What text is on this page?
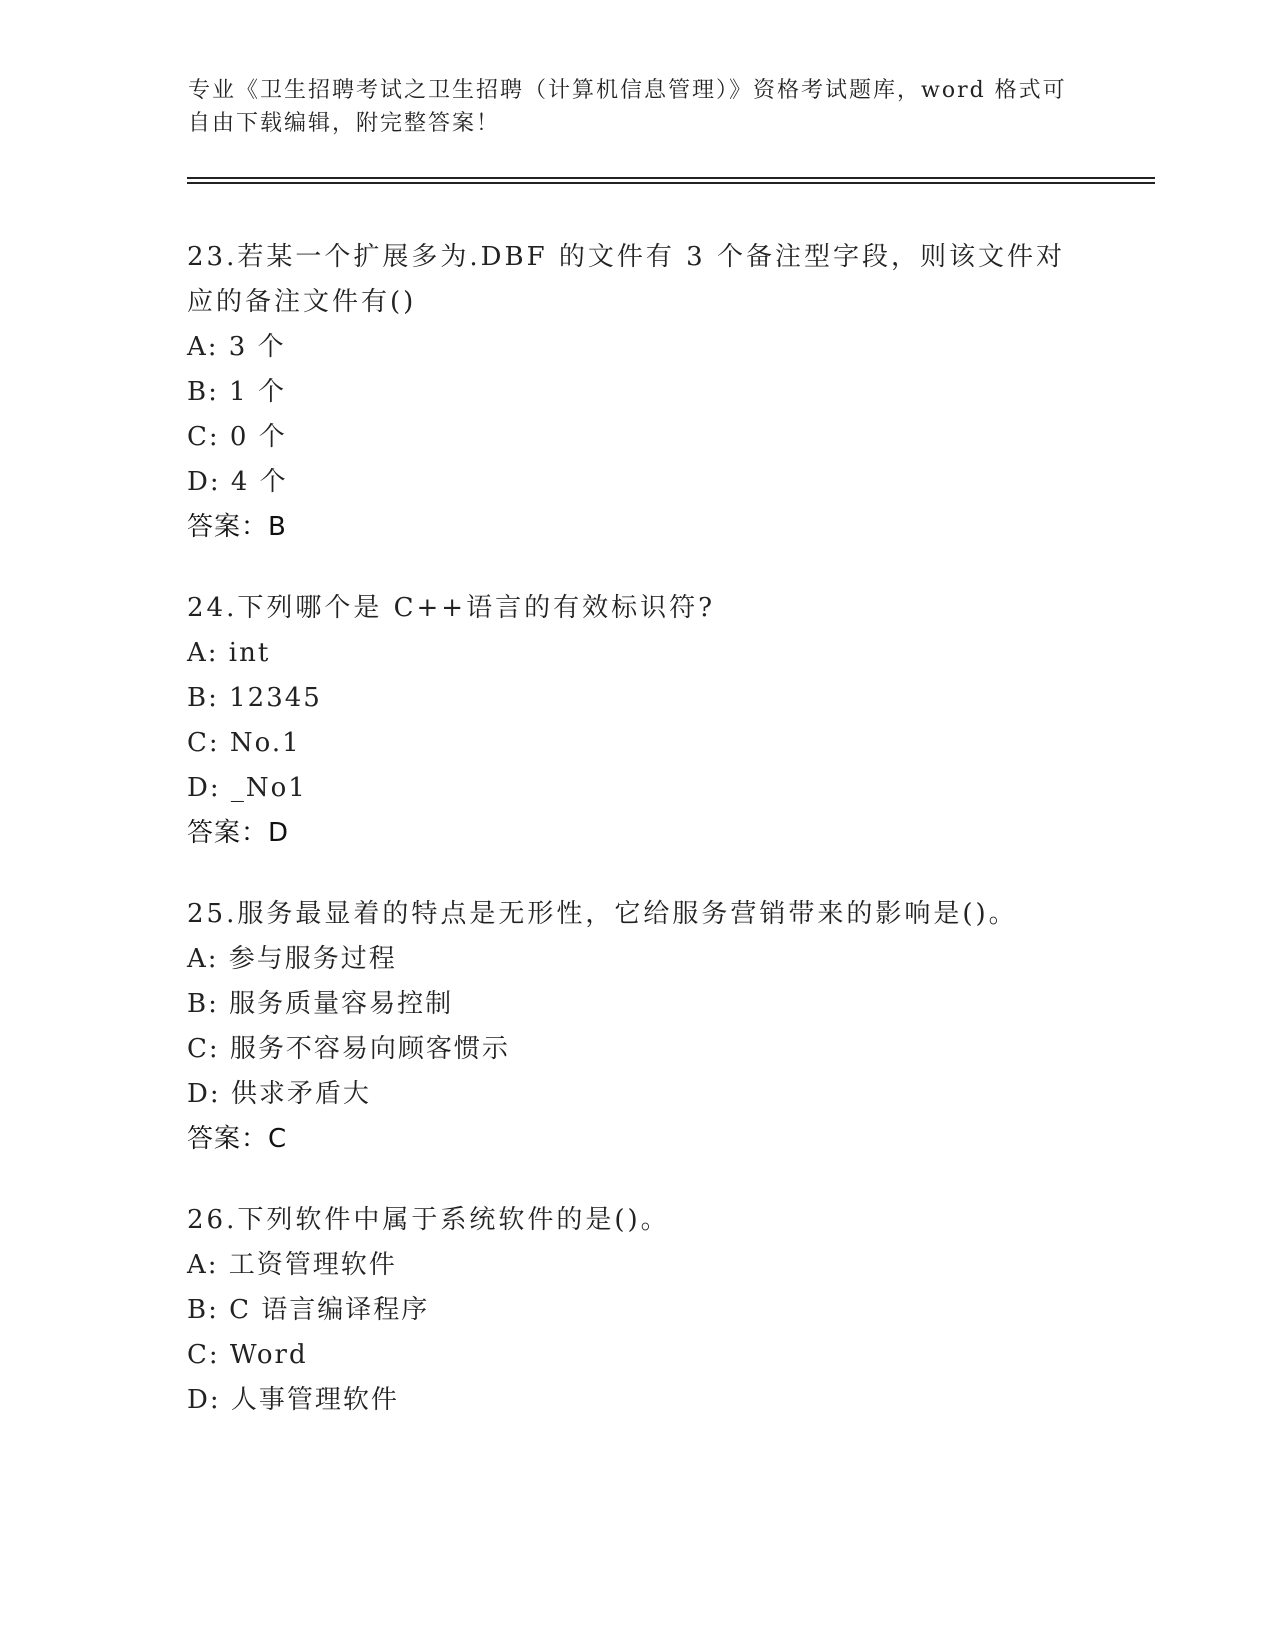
专业《卫生招聘考试之卫生招聘（计算机信息管理）》资格考试题库，word 格式可自由下载编辑，附完整答案！

23.若某一个扩展多为.DBF 的文件有 3 个备注型字段，则该文件对应的备注文件有()

A: 3 个

B: 1 个

C: 0 个

D: 4 个

答案：B

24.下列哪个是 C++语言的有效标识符?

A: int

B: 12345

C: No.1

D: _No1

答案：D

25.服务最显着的特点是无形性，它给服务营销带来的影响是()。

A: 参与服务过程

B: 服务质量容易控制

C: 服务不容易向顾客惯示

D: 供求矛盾大

答案：C

26.下列软件中属于系统软件的是()。

A: 工资管理软件

B: C 语言编译程序

C: Word

D: 人事管理软件
